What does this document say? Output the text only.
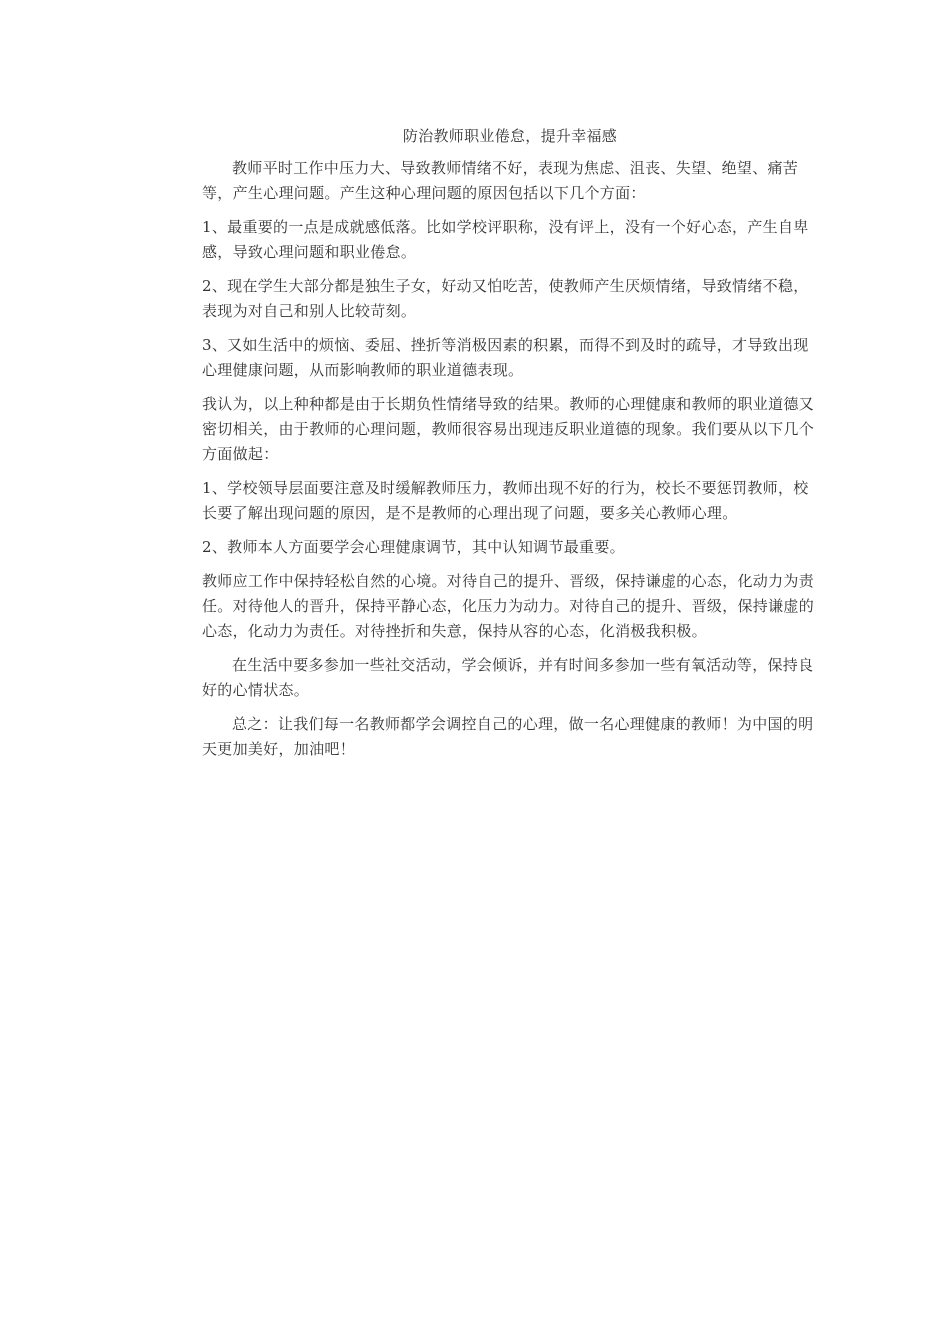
防治教师职业倦怠，提升幸福感

教师平时工作中压力大、导致教师情绪不好，表现为焦虑、沮丧、失望、绝望、痛苦等，产生心理问题。产生这种心理问题的原因包括以下几个方面：

1、最重要的一点是成就感低落。比如学校评职称，没有评上，没有一个好心态，产生自卑感，导致心理问题和职业倦怠。

2、现在学生大部分都是独生子女，好动又怕吃苦，使教师产生厌烦情绪，导致情绪不稳，表现为对自己和别人比较苛刻。

3、又如生活中的烦恼、委屈、挫折等消极因素的积累，而得不到及时的疏导，才导致出现心理健康问题，从而影响教师的职业道德表现。

我认为，以上种种都是由于长期负性情绪导致的结果。教师的心理健康和教师的职业道德又密切相关，由于教师的心理问题，教师很容易出现违反职业道德的现象。我们要从以下几个方面做起：

1、学校领导层面要注意及时缓解教师压力，教师出现不好的行为，校长不要惩罚教师，校长要了解出现问题的原因，是不是教师的心理出现了问题，要多关心教师心理。

2、教师本人方面要学会心理健康调节，其中认知调节最重要。

教师应工作中保持轻松自然的心境。对待自己的提升、晋级，保持谦虚的心态，化动力为责任。对待他人的晋升，保持平静心态，化压力为动力。对待自己的提升、晋级，保持谦虚的心态，化动力为责任。对待挫折和失意，保持从容的心态，化消极我积极。

在生活中要多参加一些社交活动，学会倾诉，并有时间多参加一些有氧活动等，保持良好的心情状态。

总之：让我们每一名教师都学会调控自己的心理，做一名心理健康的教师！为中国的明天更加美好，加油吧！
